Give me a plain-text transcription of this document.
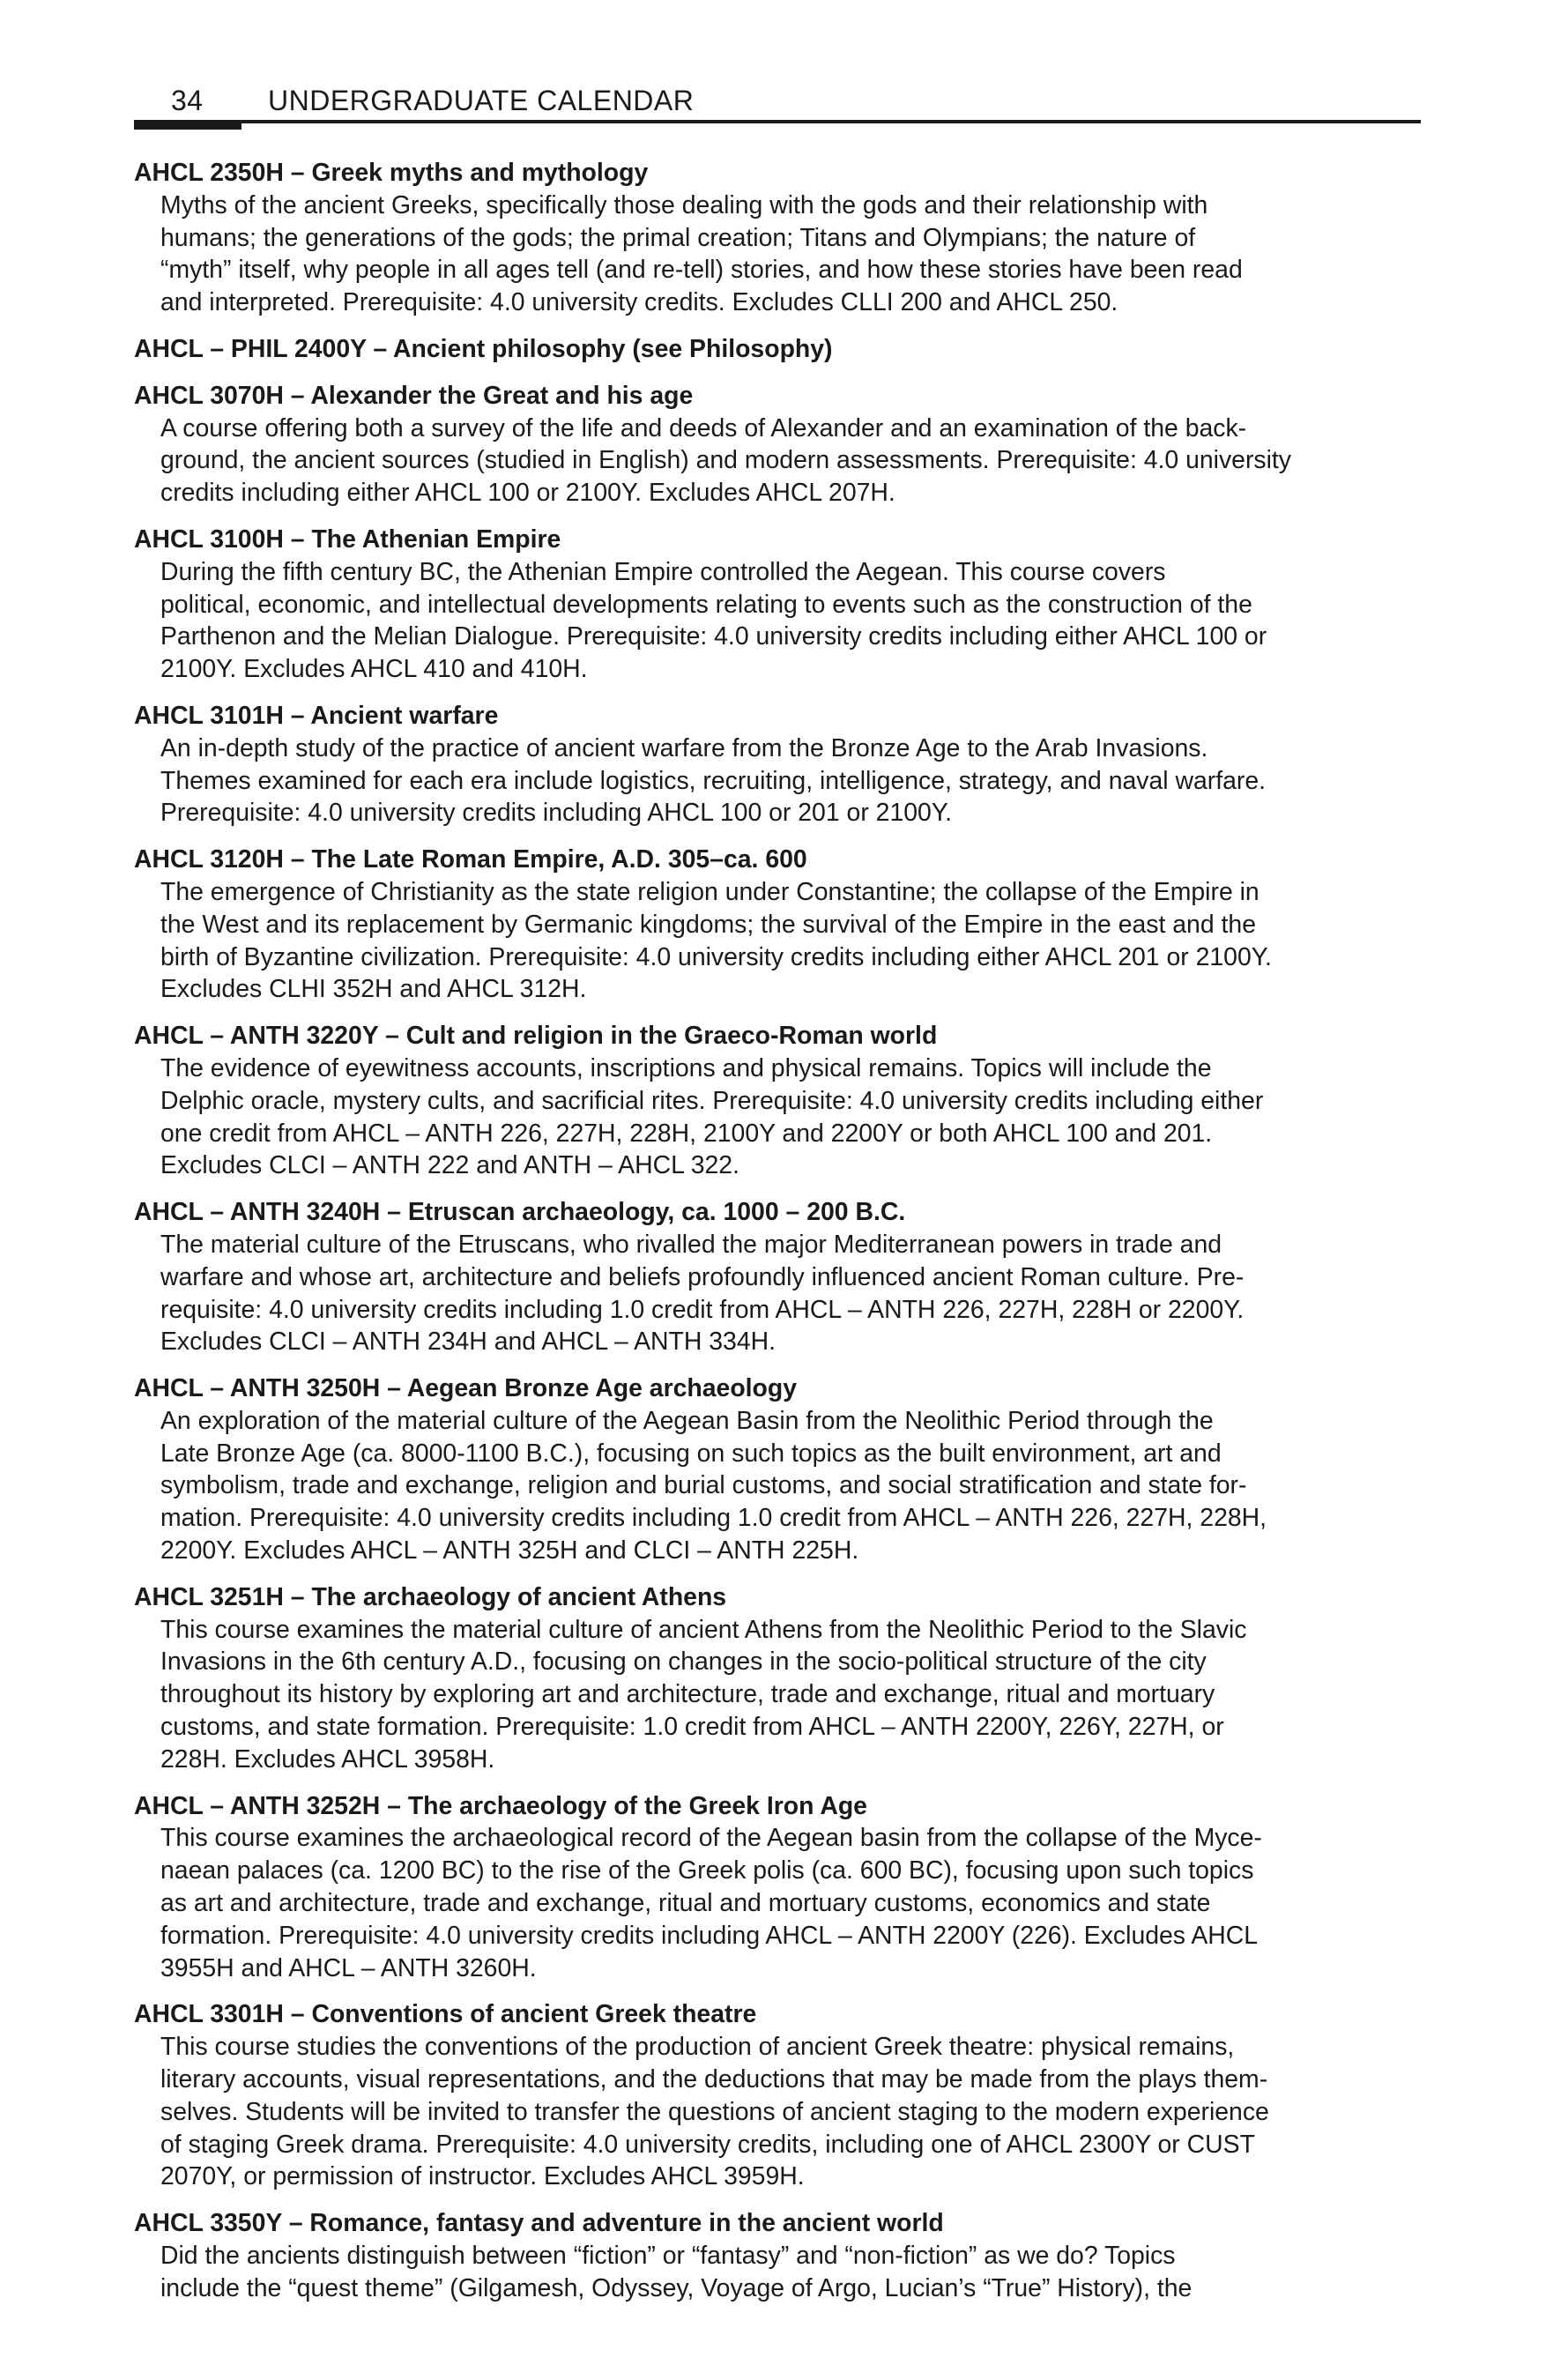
34 UNDERGRADUATE CALENDAR
AHCL 2350H – Greek myths and mythology
Myths of the ancient Greeks, specifically those dealing with the gods and their relationship with
humans; the generations of the gods; the primal creation; Titans and Olympians; the nature of
“myth” itself, why people in all ages tell (and re-tell) stories, and how these stories have been read
and interpreted. Prerequisite: 4.0 university credits. Excludes CLLI 200 and AHCL 250.
AHCL – PHIL 2400Y – Ancient philosophy (see Philosophy)
AHCL 3070H – Alexander the Great and his age
A course offering both a survey of the life and deeds of Alexander and an examination of the back-
ground, the ancient sources (studied in English) and modern assessments. Prerequisite: 4.0 university
credits including either AHCL 100 or 2100Y. Excludes AHCL 207H.
AHCL 3100H – The Athenian Empire
During the fifth century BC, the Athenian Empire controlled the Aegean. This course covers
political, economic, and intellectual developments relating to events such as the construction of the
Parthenon and the Melian Dialogue. Prerequisite: 4.0 university credits including either AHCL 100 or
2100Y. Excludes AHCL 410 and 410H.
AHCL 3101H – Ancient warfare
An in-depth study of the practice of ancient warfare from the Bronze Age to the Arab Invasions.
Themes examined for each era include logistics, recruiting, intelligence, strategy, and naval warfare.
Prerequisite: 4.0 university credits including AHCL 100 or 201 or 2100Y.
AHCL 3120H – The Late Roman Empire, A.D. 305–ca. 600
The emergence of Christianity as the state religion under Constantine; the collapse of the Empire in
the West and its replacement by Germanic kingdoms; the survival of the Empire in the east and the
birth of Byzantine civilization. Prerequisite: 4.0 university credits including either AHCL 201 or 2100Y.
Excludes CLHI 352H and AHCL 312H.
AHCL – ANTH 3220Y – Cult and religion in the Graeco-Roman world
The evidence of eyewitness accounts, inscriptions and physical remains. Topics will include the
Delphic oracle, mystery cults, and sacrificial rites. Prerequisite: 4.0 university credits including either
one credit from AHCL – ANTH 226, 227H, 228H, 2100Y and 2200Y or both AHCL 100 and 201.
Excludes CLCI – ANTH 222 and ANTH – AHCL 322.
AHCL – ANTH 3240H – Etruscan archaeology, ca. 1000 – 200 B.C.
The material culture of the Etruscans, who rivalled the major Mediterranean powers in trade and
warfare and whose art, architecture and beliefs profoundly influenced ancient Roman culture. Pre-
requisite: 4.0 university credits including 1.0 credit from AHCL – ANTH 226, 227H, 228H or 2200Y.
Excludes CLCI – ANTH 234H and AHCL – ANTH 334H.
AHCL – ANTH 3250H – Aegean Bronze Age archaeology
An exploration of the material culture of the Aegean Basin from the Neolithic Period through the
Late Bronze Age (ca. 8000-1100 B.C.), focusing on such topics as the built environment, art and
symbolism, trade and exchange, religion and burial customs, and social stratification and state for-
mation. Prerequisite: 4.0 university credits including 1.0 credit from AHCL – ANTH 226, 227H, 228H,
2200Y. Excludes AHCL – ANTH 325H and CLCI – ANTH 225H.
AHCL 3251H – The archaeology of ancient Athens
This course examines the material culture of ancient Athens from the Neolithic Period to the Slavic
Invasions in the 6th century A.D., focusing on changes in the socio-political structure of the city
throughout its history by exploring art and architecture, trade and exchange, ritual and mortuary
customs, and state formation. Prerequisite: 1.0 credit from AHCL – ANTH 2200Y, 226Y, 227H, or
228H. Excludes AHCL 3958H.
AHCL – ANTH 3252H – The archaeology of the Greek Iron Age
This course examines the archaeological record of the Aegean basin from the collapse of the Myce-
naean palaces (ca. 1200 BC) to the rise of the Greek polis (ca. 600 BC), focusing upon such topics
as art and architecture, trade and exchange, ritual and mortuary customs, economics and state
formation. Prerequisite: 4.0 university credits including AHCL – ANTH 2200Y (226). Excludes AHCL
3955H and AHCL – ANTH 3260H.
AHCL 3301H – Conventions of ancient Greek theatre
This course studies the conventions of the production of ancient Greek theatre: physical remains,
literary accounts, visual representations, and the deductions that may be made from the plays them-
selves. Students will be invited to transfer the questions of ancient staging to the modern experience
of staging Greek drama. Prerequisite: 4.0 university credits, including one of AHCL 2300Y or CUST
2070Y, or permission of instructor. Excludes AHCL 3959H.
AHCL 3350Y – Romance, fantasy and adventure in the ancient world
Did the ancients distinguish between “fiction” or “fantasy” and “non-fiction” as we do? Topics
include the “quest theme” (Gilgamesh, Odyssey, Voyage of Argo, Lucian’s “True” History), the
